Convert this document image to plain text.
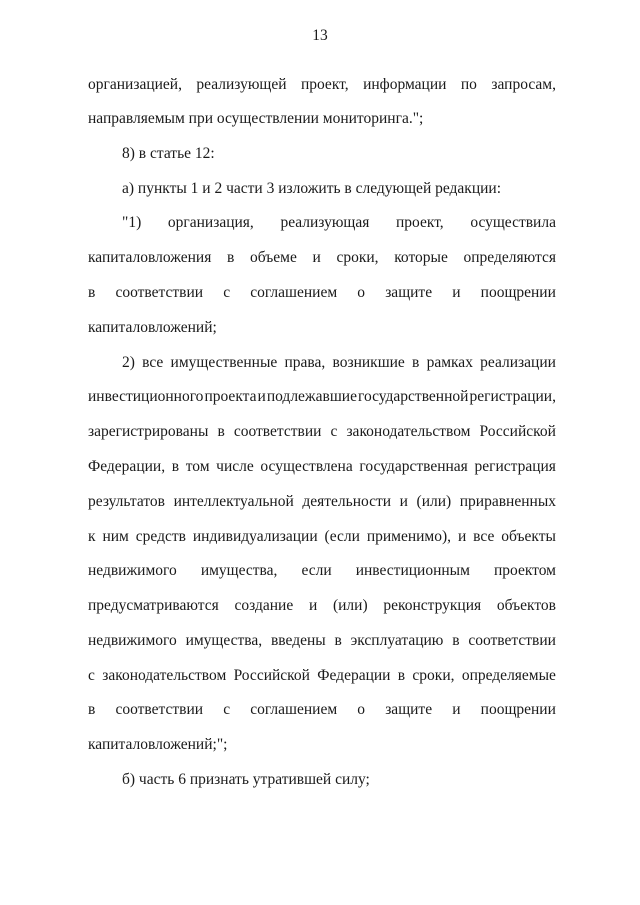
13
организацией, реализующей проект, информации по запросам,
направляемым при осуществлении мониторинга.";
8) в статье 12:
а) пункты 1 и 2 части 3 изложить в следующей редакции:
"1) организация, реализующая проект, осуществила
капиталовложения в объеме и сроки, которые определяются
в соответствии с соглашением о защите и поощрении
капиталовложений;
2) все имущественные права, возникшие в рамках реализации
инвестиционного проекта и подлежавшие государственной регистрации,
зарегистрированы в соответствии с законодательством Российской
Федерации, в том числе осуществлена государственная регистрация
результатов интеллектуальной деятельности и (или) приравненных
к ним средств индивидуализации (если применимо), и все объекты
недвижимого имущества, если инвестиционным проектом
предусматриваются создание и (или) реконструкция объектов
недвижимого имущества, введены в эксплуатацию в соответствии
с законодательством Российской Федерации в сроки, определяемые
в соответствии с соглашением о защите и поощрении
капиталовложений;";
б) часть 6 признать утратившей силу;
